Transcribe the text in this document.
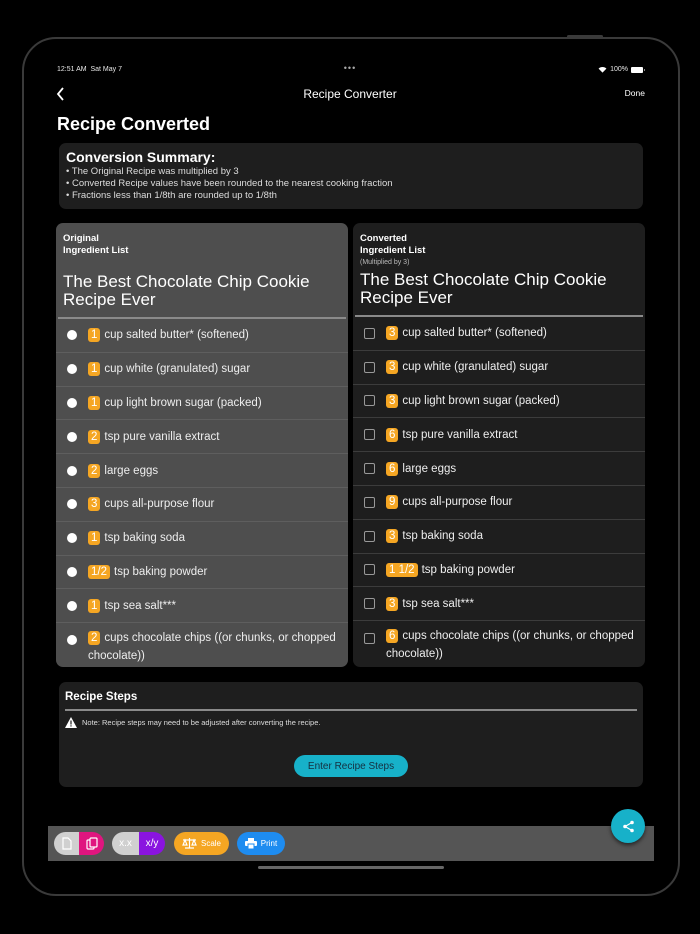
12:51 AM Sat May 7	•••	100%
Recipe Converter	Done
Recipe Converted
Conversion Summary:
• The Original Recipe was multiplied by 3
• Converted Recipe values have been rounded to the nearest cooking fraction
• Fractions less than 1/8th are rounded up to 1/8th
Original
Ingredient List
The Best Chocolate Chip Cookie Recipe Ever
1 cup salted butter* (softened)
1 cup white (granulated) sugar
1 cup light brown sugar (packed)
2 tsp pure vanilla extract
2 large eggs
3 cups all-purpose flour
1 tsp baking soda
1/2 tsp baking powder
1 tsp sea salt***
2 cups chocolate chips ((or chunks, or chopped chocolate))
Converted
Ingredient List
(Multiplied by 3)
The Best Chocolate Chip Cookie Recipe Ever
3 cup salted butter* (softened)
3 cup white (granulated) sugar
3 cup light brown sugar (packed)
6 tsp pure vanilla extract
6 large eggs
9 cups all-purpose flour
3 tsp baking soda
1 1/2 tsp baking powder
3 tsp sea salt***
6 cups chocolate chips ((or chunks, or chopped chocolate))
Recipe Steps
Note: Recipe steps may need to be adjusted after converting the recipe.
Enter Recipe Steps
x.x	x/y	Scale	Print
